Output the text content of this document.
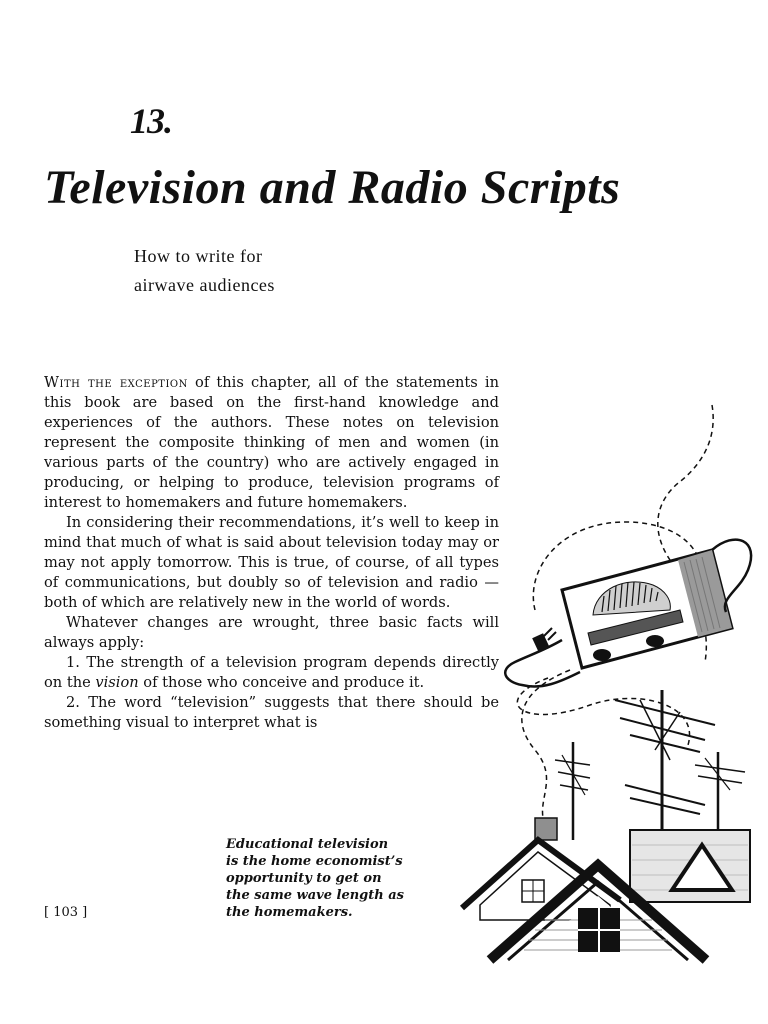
13.
Television and Radio Scripts
How to write for
airwave audiences

With the exception of this chapter, all of the statements in this book are based on the first-hand knowledge and experiences of the authors. These notes on television represent the composite thinking of men and women (in various parts of the country) who are actively engaged in producing, or helping to produce, television programs of interest to homemakers and future homemakers.

In considering their recommendations, it’s well to keep in mind that much of what is said about television today may or may not apply tomorrow. This is true, of course, of all types of communications, but doubly so of television and radio — both of which are relatively new in the world of words.

Whatever changes are wrought, three basic facts will always apply:

1. The strength of a television program depends directly on the vision of those who conceive and produce it.

2. The word “television” suggests that there should be something visual to interpret what is

Educational television
is the home economist’s
opportunity to get on
the same wave length as
the homemakers.
[ 103 ]
